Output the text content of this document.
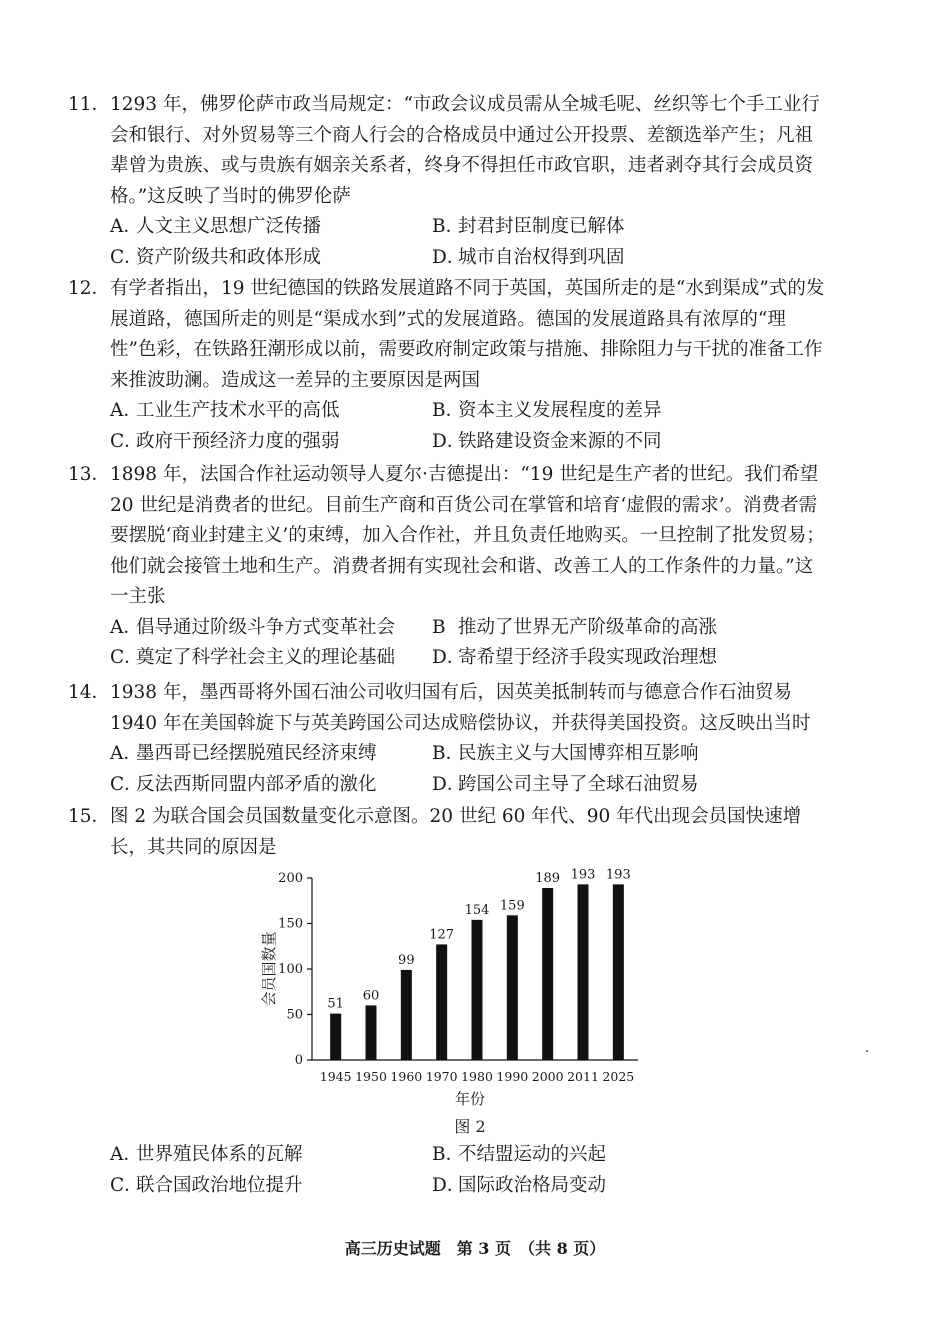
11． 1293 年，佛罗伦萨市政当局规定：“市政会议成员需从全城毛呢、丝织等七个手工业行会和银行、对外贸易等三个商人行会的合格成员中通过公开投票、差额选举产生；凡祖辈曾为贵族、或与贵族有姻亲关系者，终身不得担任市政官职，违者剥夺其行会成员资格。”这反映了当时的佛罗伦萨
A．人文主义思想广泛传播	B．封君封臣制度已解体
C．资产阶级共和政体形成	D．城市自治权得到巩固
12． 有学者指出，19 世纪德国的铁路发展道路不同于英国，英国所走的是“水到渠成”式的发展道路，德国所走的则是“渠成水到”式的发展道路。德国的发展道路具有浓厚的“理性”色彩，在铁路狂潮形成以前，需要政府制定政策与措施、排除阻力与干扰的准备工作来推波助澜。造成这一差异的主要原因是两国
A．工业生产技术水平的高低	B．资本主义发展程度的差异
C．政府干预经济力度的强弱	D．铁路建设资金来源的不同
13． 1898 年，法国合作社运动领导人夏尔·吉德提出：“19 世纪是生产者的世纪。我们希望 20 世纪是消费者的世纪。目前生产商和百货公司在掌管和培育‘虚假的需求’。消费者需要摆脱‘商业封建主义’的束缚，加入合作社，并且负责任地购买。一旦控制了批发贸易；他们就会接管土地和生产。消费者拥有实现社会和谐、改善工人的工作条件的力量。”这一主张
A．倡导通过阶级斗争方式变革社会	B 推动了世界无产阶级革命的高涨
C．奠定了科学社会主义的理论基础	D．寄希望于经济手段实现政治理想
14． 1938 年，墨西哥将外国石油公司收归国有后，因英美抵制转而与德意合作石油贸易1940 年在美国斡旋下与英美跨国公司达成赔偿协议，并获得美国投资。这反映出当时
A．墨西哥已经摆脱殖民经济束缚	B．民族主义与大国博弈相互影响
C．反法西斯同盟内部矛盾的激化	D．跨国公司主导了全球石油贸易
15． 图 2 为联合国会员国数量变化示意图。20 世纪 60 年代、90 年代出现会员国快速增长，其共同的原因是
0
50
100
150
200
会员国数量	51
1945
60
1950
99
1960
127
1970
154
1980
159
1990
189
2000
193
2011
193
2025
年份
图 2
A．世界殖民体系的瓦解	B．不结盟运动的兴起
C．联合国政治地位提升	D．国际政治格局变动
高三历史试题　第 3 页　（共 8 页）
